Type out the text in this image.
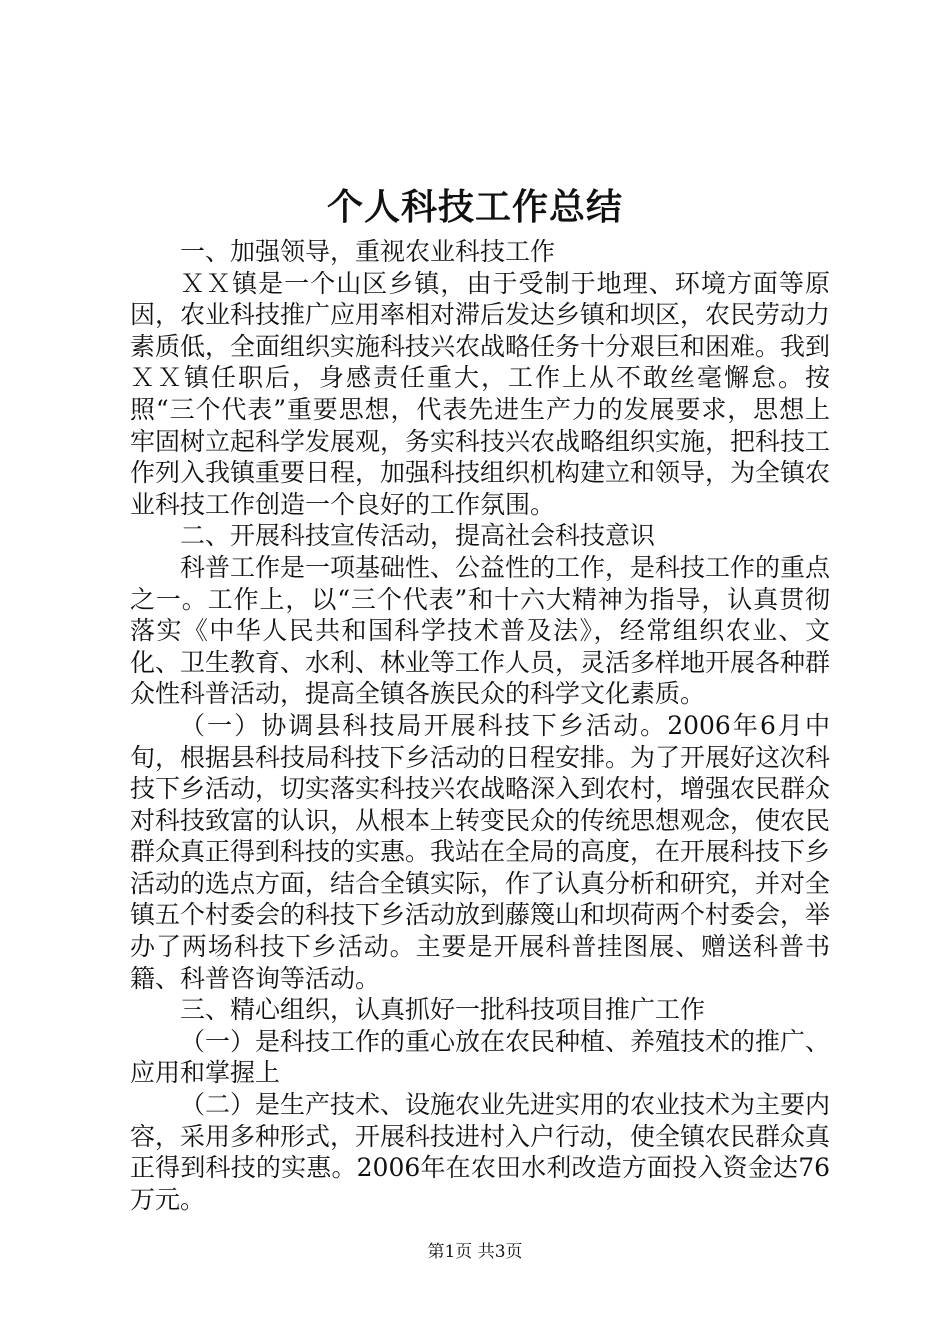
个人科技工作总结

一、加强领导，重视农业科技工作

ＸＸ镇是一个山区乡镇，由于受制于地理、环境方面等原因，农业科技推广应用率相对滞后发达乡镇和坝区，农民劳动力素质低，全面组织实施科技兴农战略任务十分艰巨和困难。我到ＸＸ镇任职后，身感责任重大，工作上从不敢丝毫懈怠。按照“三个代表”重要思想，代表先进生产力的发展要求，思想上牢固树立起科学发展观，务实科技兴农战略组织实施，把科技工作列入我镇重要日程，加强科技组织机构建立和领导，为全镇农业科技工作创造一个良好的工作氛围。

二、开展科技宣传活动，提高社会科技意识

科普工作是一项基础性、公益性的工作，是科技工作的重点之一。工作上，以“三个代表”和十六大精神为指导，认真贯彻落实《中华人民共和国科学技术普及法》，经常组织农业、文化、卫生教育、水利、林业等工作人员，灵活多样地开展各种群众性科普活动，提高全镇各族民众的科学文化素质。

（一）协调县科技局开展科技下乡活动。2006年6月中旬，根据县科技局科技下乡活动的日程安排。为了开展好这次科技下乡活动，切实落实科技兴农战略深入到农村，增强农民群众对科技致富的认识，从根本上转变民众的传统思想观念，使农民群众真正得到科技的实惠。我站在全局的高度，在开展科技下乡活动的选点方面，结合全镇实际，作了认真分析和研究，并对全镇五个村委会的科技下乡活动放到藤篾山和坝荷两个村委会，举办了两场科技下乡活动。主要是开展科普挂图展、赠送科普书籍、科普咨询等活动。

三、精心组织，认真抓好一批科技项目推广工作

（一）是科技工作的重心放在农民种植、养殖技术的推广、应用和掌握上

（二）是生产技术、设施农业先进实用的农业技术为主要内容，采用多种形式，开展科技进村入户行动，使全镇农民群众真正得到科技的实惠。2006年在农田水利改造方面投入资金达76万元。

第1页 共3页
